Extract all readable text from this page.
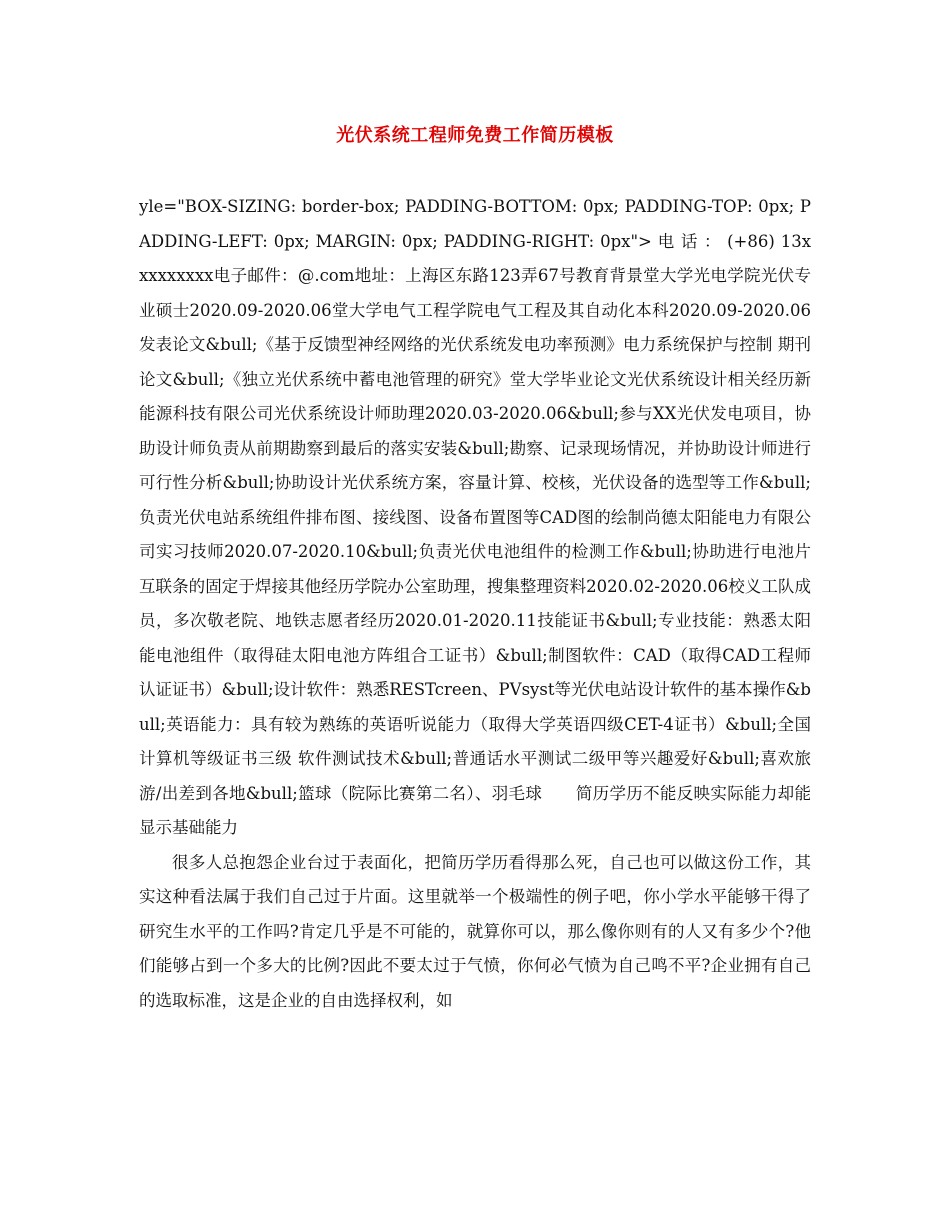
光伏系统工程师免费工作简历模板

yle="BOX-SIZING: border-box; PADDING-BOTTOM: 0px; PADDING-TOP: 0px; PADDING-LEFT: 0px; MARGIN: 0px; PADDING-RIGHT: 0px"> 电 话 ： (+86) 13xxxxxxxxx电子邮件：@.com地址：上海区东路123弄67号教育背景堂大学光电学院光伏专业硕士2020.09-2020.06堂大学电气工程学院电气工程及其自动化本科2020.09-2020.06发表论文&bull;《基于反馈型神经网络的光伏系统发电功率预测》电力系统保护与控制 期刊论文&bull;《独立光伏系统中蓄电池管理的研究》堂大学毕业论文光伏系统设计相关经历新能源科技有限公司光伏系统设计师助理2020.03-2020.06&bull;参与XX光伏发电项目，协助设计师负责从前期勘察到最后的落实安装&bull;勘察、记录现场情况，并协助设计师进行可行性分析&bull;协助设计光伏系统方案，容量计算、校核，光伏设备的选型等工作&bull;负责光伏电站系统组件排布图、接线图、设备布置图等CAD图的绘制尚德太阳能电力有限公司实习技师2020.07-2020.10&bull;负责光伏电池组件的检测工作&bull;协助进行电池片互联条的固定于焊接其他经历学院办公室助理，搜集整理资料2020.02-2020.06校义工队成员，多次敬老院、地铁志愿者经历2020.01-2020.11技能证书&bull;专业技能：熟悉太阳能电池组件（取得硅太阳电池方阵组合工证书）&bull;制图软件：CAD（取得CAD工程师认证证书）&bull;设计软件：熟悉RESTcreen、PVsyst等光伏电站设计软件的基本操作&bull;英语能力：具有较为熟练的英语听说能力（取得大学英语四级CET-4证书）&bull;全国计算机等级证书三级 软件测试技术&bull;普通话水平测试二级甲等兴趣爱好&bull;喜欢旅游/出差到各地&bull;篮球（院际比赛第二名）、羽毛球　　简历学历不能反映实际能力却能显示基础能力

很多人总抱怨企业台过于表面化，把简历学历看得那么死，自己也可以做这份工作，其实这种看法属于我们自己过于片面。这里就举一个极端性的例子吧，你小学水平能够干得了研究生水平的工作吗?肯定几乎是不可能的，就算你可以，那么像你则有的人又有多少个?他们能够占到一个多大的比例?因此不要太过于气愤，你何必气愤为自己鸣不平?企业拥有自己的选取标准，这是企业的自由选择权利，如
